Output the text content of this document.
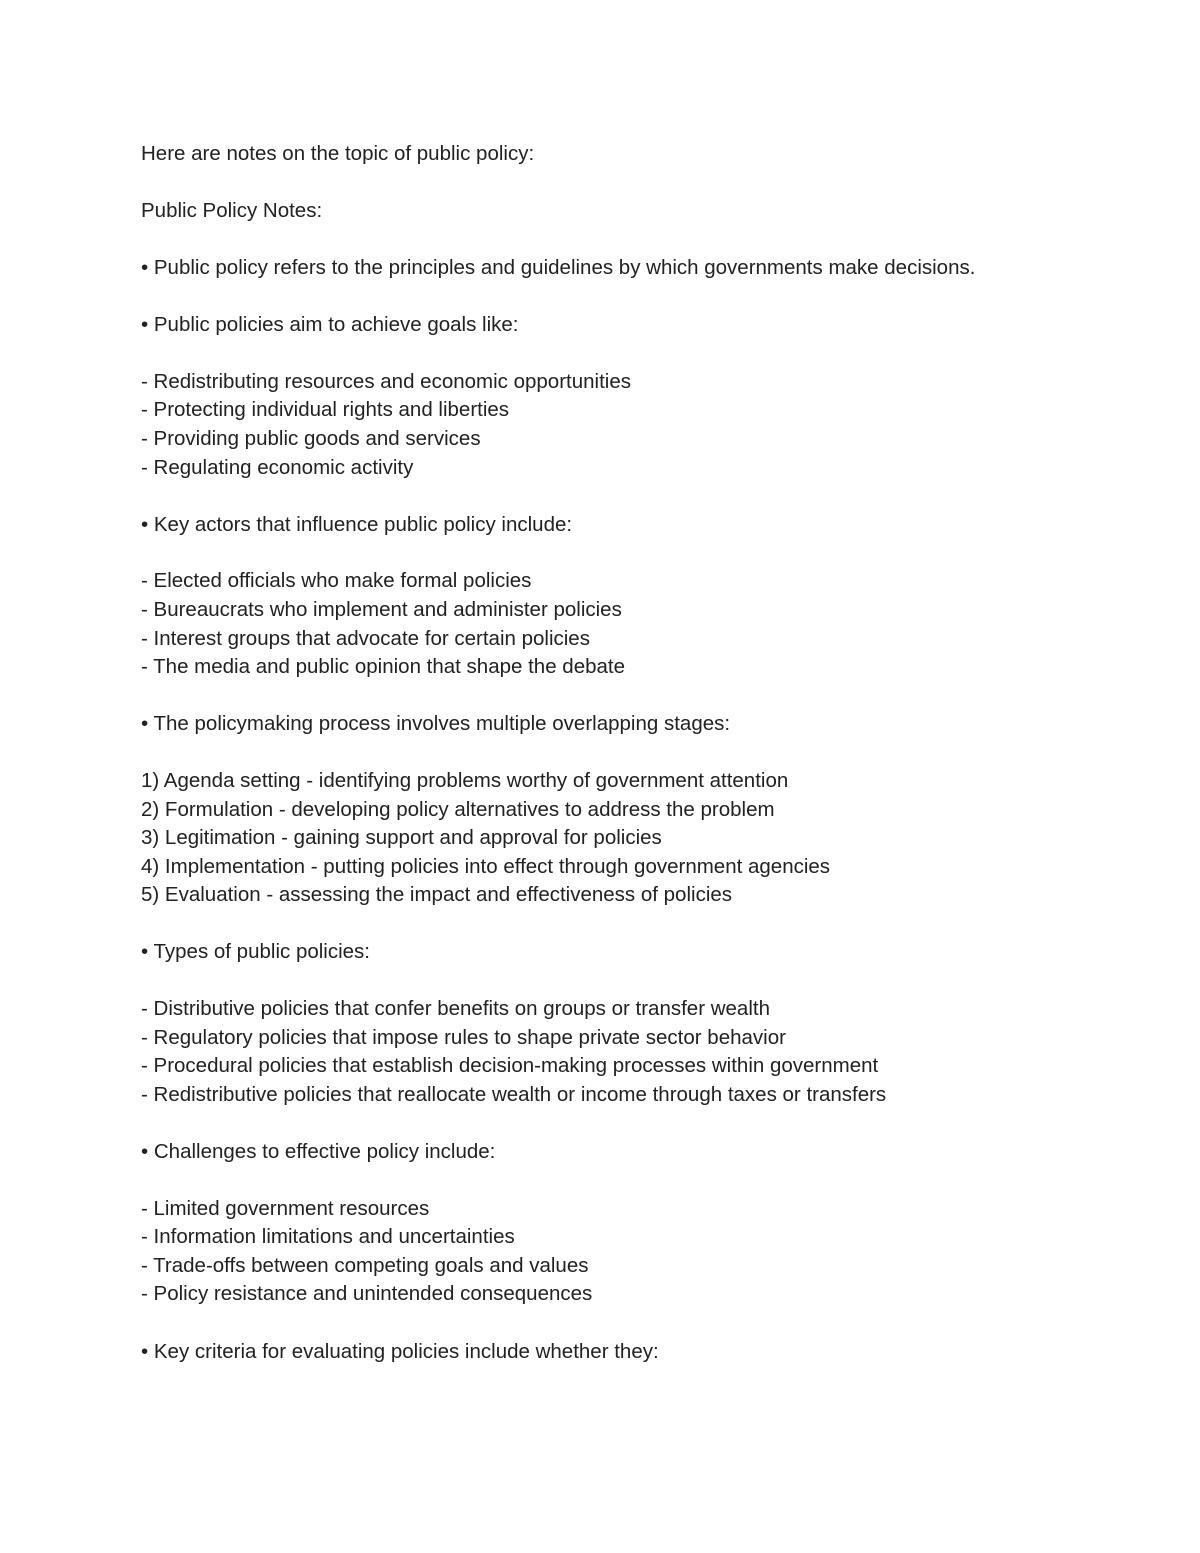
Here are notes on the topic of public policy:

Public Policy Notes:

• Public policy refers to the principles and guidelines by which governments make decisions.

• Public policies aim to achieve goals like:

- Redistributing resources and economic opportunities

- Protecting individual rights and liberties

- Providing public goods and services

- Regulating economic activity

• Key actors that influence public policy include:

- Elected officials who make formal policies

- Bureaucrats who implement and administer policies

- Interest groups that advocate for certain policies

- The media and public opinion that shape the debate

• The policymaking process involves multiple overlapping stages:

1) Agenda setting - identifying problems worthy of government attention

2) Formulation - developing policy alternatives to address the problem

3) Legitimation - gaining support and approval for policies

4) Implementation - putting policies into effect through government agencies

5) Evaluation - assessing the impact and effectiveness of policies

• Types of public policies:

- Distributive policies that confer benefits on groups or transfer wealth

- Regulatory policies that impose rules to shape private sector behavior

- Procedural policies that establish decision-making processes within government

- Redistributive policies that reallocate wealth or income through taxes or transfers

• Challenges to effective policy include:

- Limited government resources

- Information limitations and uncertainties

- Trade-offs between competing goals and values

- Policy resistance and unintended consequences

• Key criteria for evaluating policies include whether they:
